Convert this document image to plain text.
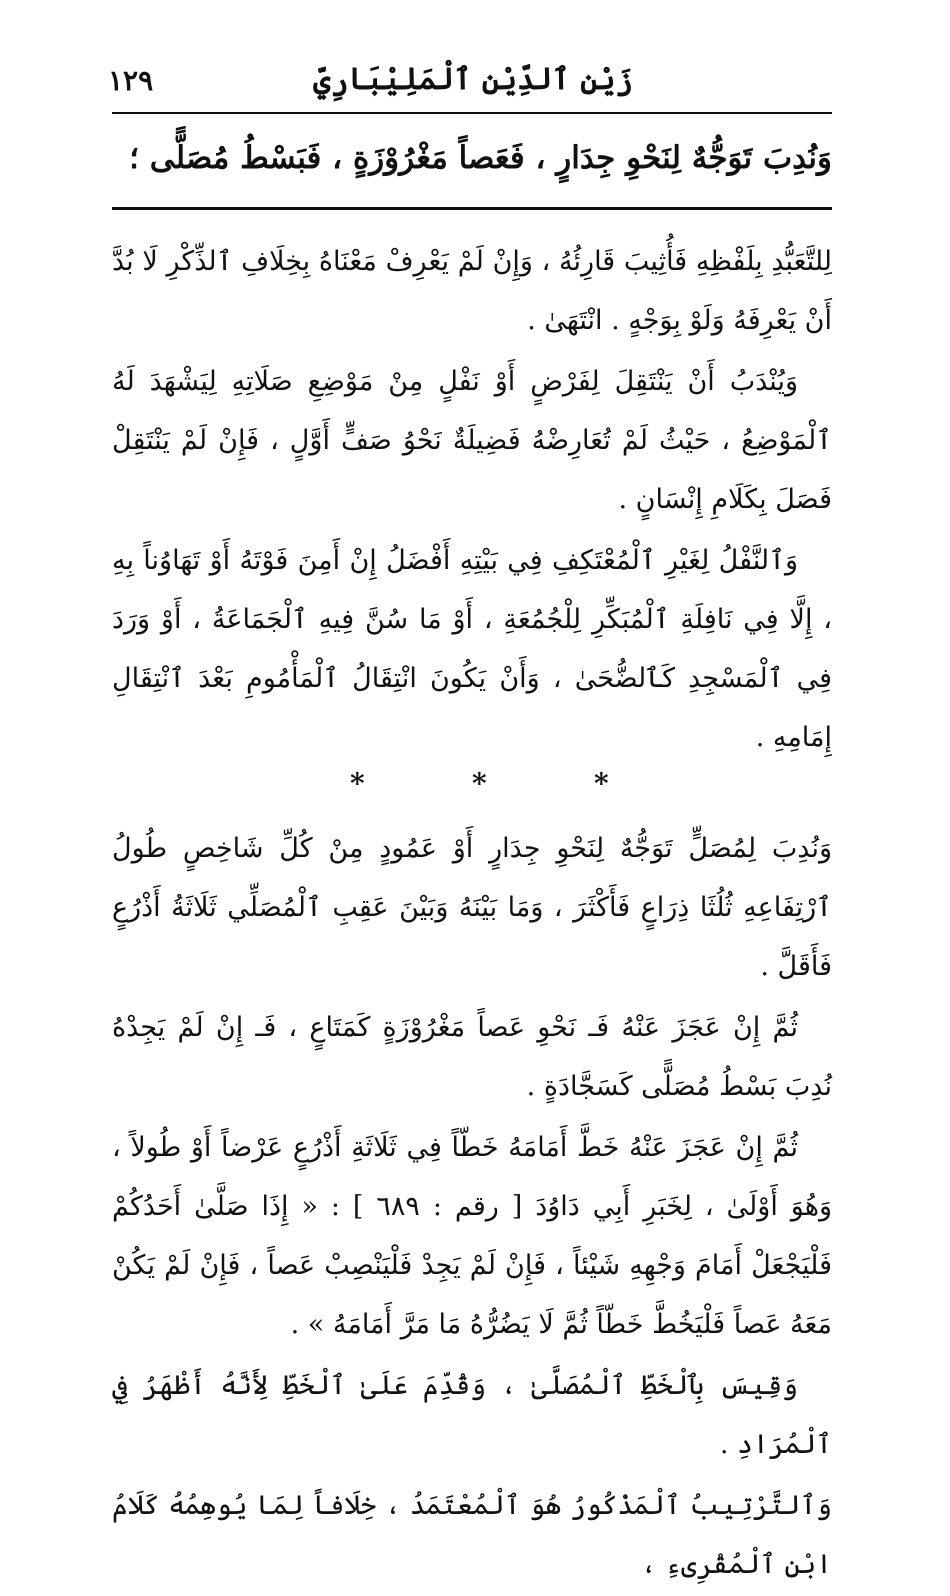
زَيْن ٱلدِّيْن ٱلْمَلِيْبَارِيّ
١٢٩
وَنُدِبَ تَوَجُّهٌ لِنَحْوِ جِدَارٍ ، فَعَصاً مَغْرُوْزَةٍ ، فَبَسْطُ مُصَلًّى ؛

لِلتَّعَبُّدِ بِلَفْظِهِ فَأُثِيبَ قَارِئُهُ ، وَإِنْ لَمْ يَعْرِفْ مَعْنَاهُ بِخِلَافِ ٱلذِّكْرِ لَا بُدَّ أَنْ يَعْرِفَهُ وَلَوْ بِوَجْهٍ . انْتَهَىٰ .

وَيُنْدَبُ أَنْ يَنْتَقِلَ لِفَرْضٍ أَوْ نَفْلٍ مِنْ مَوْضِعِ صَلَاتِهِ لِيَشْهَدَ لَهُ ٱلْمَوْضِعُ ، حَيْثُ لَمْ تُعَارِضْهُ فَضِيلَةٌ نَحْوُ صَفٍّ أَوَّلٍ ، فَإِنْ لَمْ يَنْتَقِلْ فَصَلَ بِكَلَامِ إِنْسَانٍ .

وَٱلنَّفْلُ لِغَيْرِ ٱلْمُعْتَكِفِ فِي بَيْتِهِ أَفْضَلُ إِنْ أَمِنَ فَوْتَهُ أَوْ تَهَاوُناً بِهِ ، إِلَّا فِي نَافِلَةِ ٱلْمُبَكِّرِ لِلْجُمُعَةِ ، أَوْ مَا سُنَّ فِيهِ ٱلْجَمَاعَةُ ، أَوْ وَرَدَ فِي ٱلْمَسْجِدِ كَٱلضُّحَىٰ ، وَأَنْ يَكُونَ انْتِقَالُ ٱلْمَأْمُومِ بَعْدَ ٱنْتِقَالِ إِمَامِهِ .

*	*	*

وَنُدِبَ لِمُصَلٍّ تَوَجُّهٌ لِنَحْوِ جِدَارٍ أَوْ عَمُودٍ مِنْ كُلِّ شَاخِصٍ طُولُ ٱرْتِفَاعِهِ ثُلُثَا ذِرَاعٍ فَأَكْثَرَ ، وَمَا بَيْنَهُ وَبَيْنَ عَقِبِ ٱلْمُصَلِّي ثَلَاثَةُ أَذْرُعٍ فَأَقَلَّ .

ثُمَّ إِنْ عَجَزَ عَنْهُ فَـ نَحْوِ عَصاً مَغْرُوْزَةٍ كَمَتَاعٍ ، فَـ إِنْ لَمْ يَجِدْهُ نُدِبَ بَسْطُ مُصَلًّى كَسَجَّادَةٍ .

ثُمَّ إِنْ عَجَزَ عَنْهُ خَطَّ أَمَامَهُ خَطّاً فِي ثَلَاثَةِ أَذْرُعٍ عَرْضاً أَوْ طُولاً ، وَهُوَ أَوْلَىٰ ، لِخَبَرِ أَبِي دَاوُدَ [ رقم : ٦٨٩ ] : « إِذَا صَلَّىٰ أَحَدُكُمْ فَلْيَجْعَلْ أَمَامَ وَجْهِهِ شَيْئاً ، فَإِنْ لَمْ يَجِدْ فَلْيَنْصِبْ عَصاً ، فَإِنْ لَمْ يَكُنْ مَعَهُ عَصاً فَلْيَخُطَّ خَطّاً ثُمَّ لَا يَضُرُّهُ مَا مَرَّ أَمَامَهُ » .

وَقِيسَ بِٱلْخَطِّ ٱلْمُصَلَّىٰ ، وَقُدِّمَ عَلَىٰ ٱلْخَطِّ لِأَنَّهُ أَظْهَرُ فِي ٱلْمُرَادِ .

وَٱلتَّرْتِيبُ ٱلْمَذْكُورُ هُوَ ٱلْمُعْتَمَدُ ، خِلَافاً لِمَا يُوهِمُهُ كَلَامُ ابْنِ ٱلْمُقْرِىءِ ،
